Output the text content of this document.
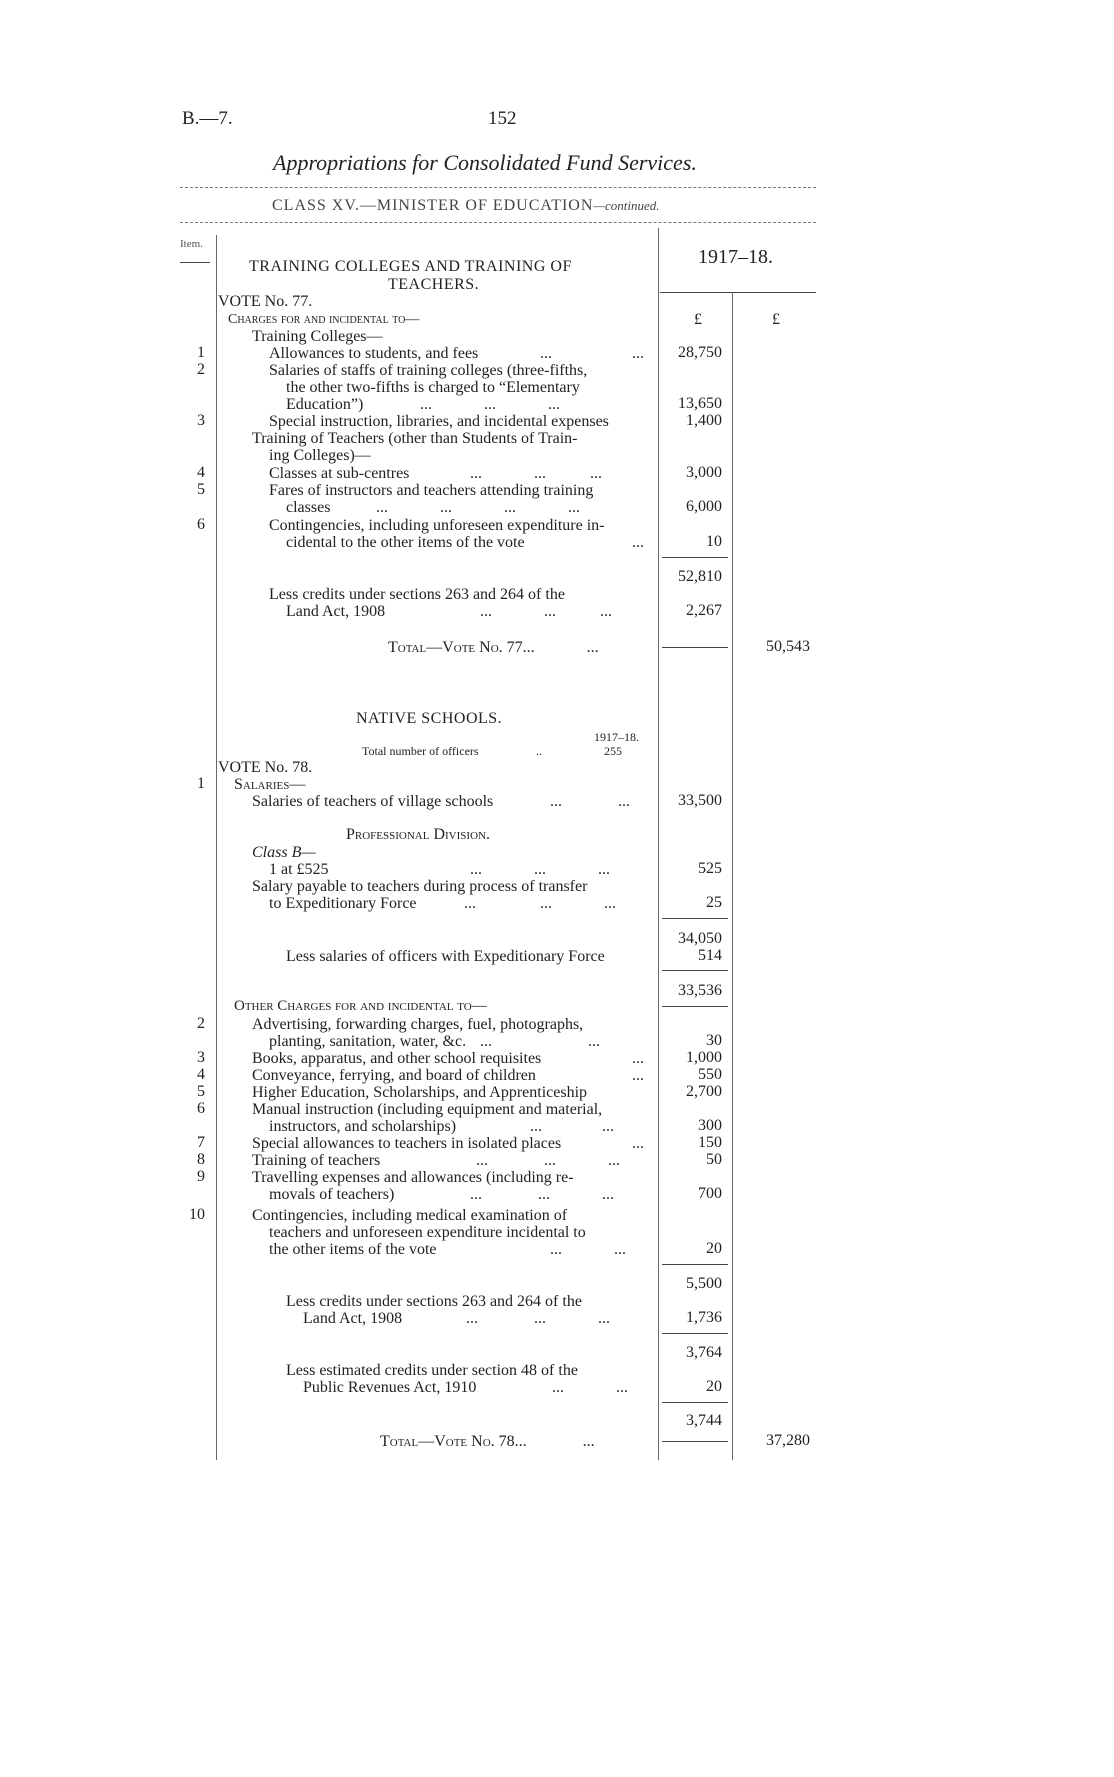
B.—7.	152
Appropriations for Consolidated Fund Services.
CLASS XV.—MINISTER OF EDUCATION—continued.
Item.
1917–18.
£	£
TRAINING COLLEGES AND TRAINING OF
TEACHERS.
VOTE No. 77.
Charges for and incidental to—
Training Colleges—
1	Allowances to students, and fees	...                    ...	28,750
2	Salaries of staffs of training colleges (three-fifths,
the other two-fifths is charged to “Elementary
Education”)	...             ...             ...	13,650
3	Special instruction, libraries, and incidental expenses	1,400
Training of Teachers (other than Students of Train-
ing Colleges)—
4	Classes at sub-centres	...             ...           ...	3,000
5	Fares of instructors and teachers attending training
classes	...             ...             ...             ...	6,000
6	Contingencies, including unforeseen expenditure in-
cidental to the other items of the vote	...	10
52,810
Less credits under sections 263 and 264 of the
Land Act, 1908	...             ...           ...	2,267
Total—Vote No. 77...             ...	50,543
NATIVE SCHOOLS.
1917–18.
Total number of officers	..	255
VOTE No. 78.
1 Salaries—
Salaries of teachers of village schools	...              ...	33,500
Professional Division.
Class B—
1 at £525	...             ...             ...	525
Salary payable to teachers during process of transfer
to Expeditionary Force	...                ...             ...	25
34,050
Less salaries of officers with Expeditionary Force	514
33,536
Other Charges for and incidental to—
2	Advertising, forwarding charges, fuel, photographs,
planting, sanitation, water, &c. ...                        ...	30
3	Books, apparatus, and other school requisites	...	1,000
4	Conveyance, ferrying, and board of children	...	550
5	Higher Education, Scholarships, and Apprenticeship	2,700
6	Manual instruction (including equipment and material,
instructors, and scholarships)	...               ...	300
7	Special allowances to teachers in isolated places	...	150
8	Training of teachers	...              ...             ...	50
9	Travelling expenses and allowances (including re-
movals of teachers)	...              ...             ...	700
10	Contingencies, including medical examination of
teachers and unforeseen expenditure incidental to
the other items of the vote	...             ...	20
5,500
Less credits under sections 263 and 264 of the
Land Act, 1908	...              ...             ...	1,736
3,764
Less estimated credits under section 48 of the
Public Revenues Act, 1910	...             ...	20
3,744
Total—Vote No. 78...              ...	37,280
